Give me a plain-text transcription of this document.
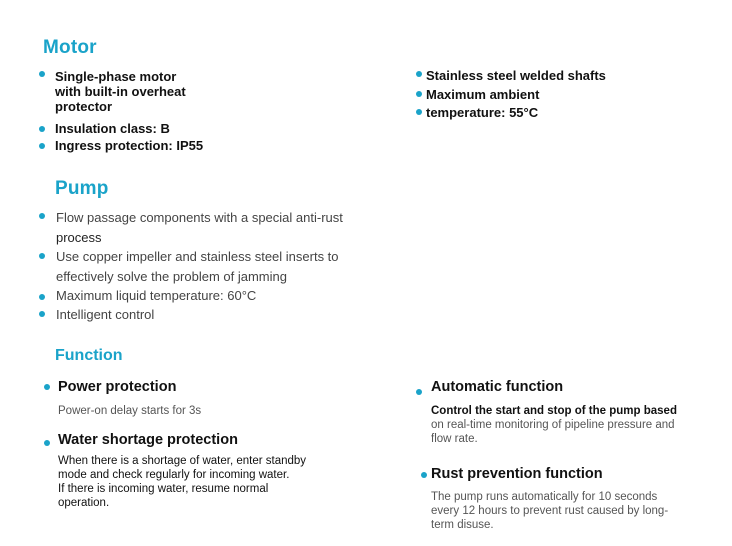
Motor
Single-phase motor
with built-in overheat
protector
Insulation class: B
Ingress protection: IP55
Stainless steel welded shafts
Maximum ambient
temperature: 55°C
Pump
Flow passage components with a special anti-rust
process
Use copper impeller and stainless steel inserts to
effectively solve the problem of jamming
Maximum liquid temperature: 60°C
Intelligent control
Function
Power protection
Power-on delay starts for 3s
Water shortage protection
When there is a shortage of water, enter standby
mode and check regularly for incoming water.
If there is incoming water, resume normal
operation.
Automatic function
Control the start and stop of the pump based
on real-time monitoring of pipeline pressure and
flow rate.
Rust prevention function
The pump runs automatically for 10 seconds
every 12 hours to prevent rust caused by long-
term disuse.
